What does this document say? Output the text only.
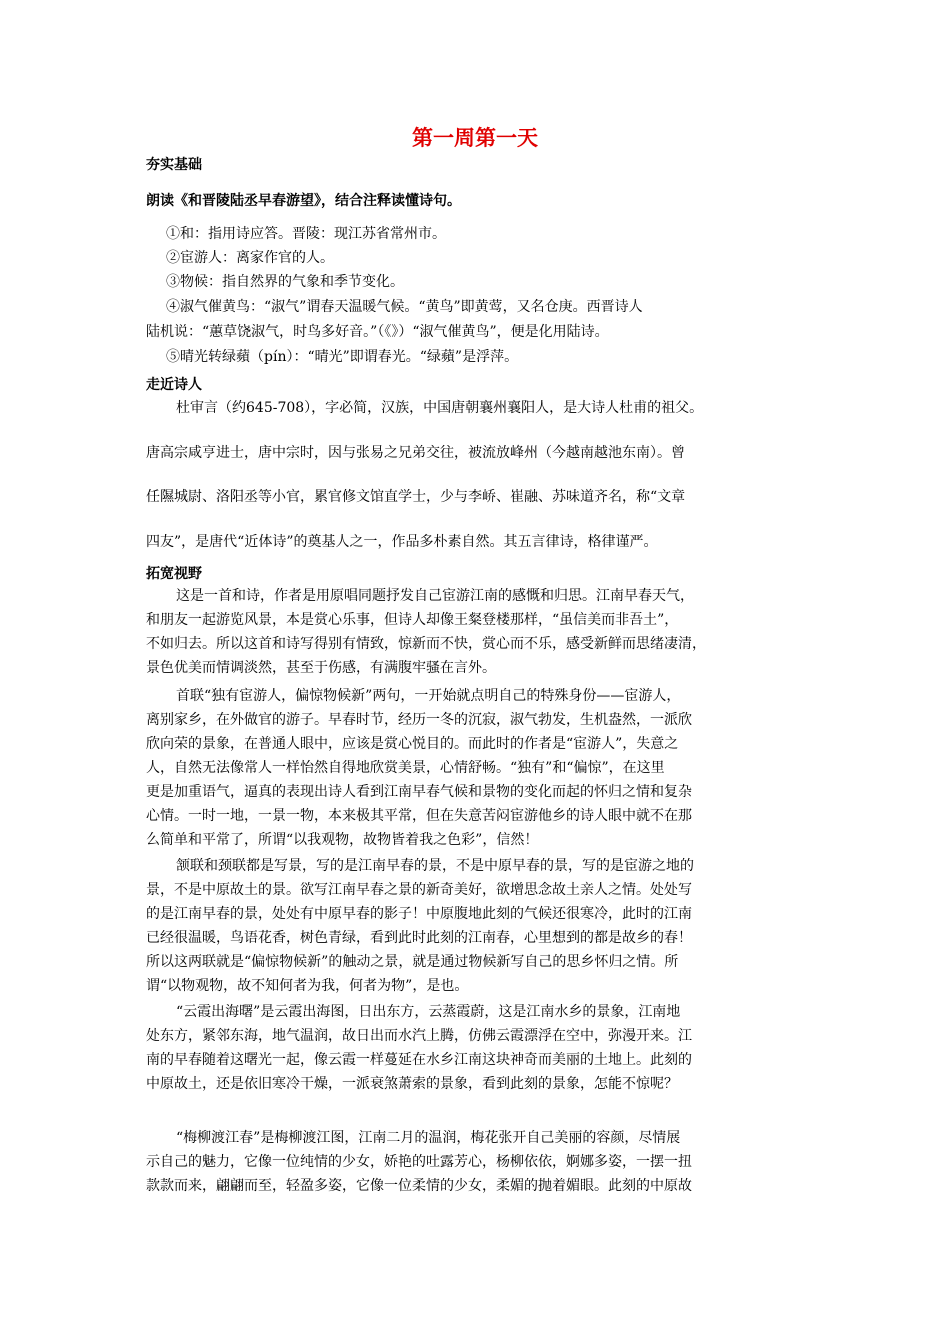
第一周第一天
夯实基础
朗读《和晋陵陆丞早春游望》，结合注释读懂诗句。
①和：指用诗应答。晋陵：现江苏省常州市。
②宦游人：离家作官的人。
③物候：指自然界的气象和季节变化。
④淑气催黄鸟：“淑气”谓春天温暖气候。“黄鸟”即黄莺，又名仓庚。西晋诗人
陆机说：“蕙草饶淑气，时鸟多好音。”（《》）“淑气催黄鸟”，便是化用陆诗。
⑤晴光转绿蘋（pín）：“晴光”即谓春光。“绿蘋”是浮萍。
走近诗人
杜审言（约645-708），字必简，汉族，中国唐朝襄州襄阳人，是大诗人杜甫的祖父。
唐高宗咸亨进士，唐中宗时，因与张易之兄弟交往，被流放峰州（今越南越池东南）。曾
任隰城尉、洛阳丞等小官，累官修文馆直学士，少与李峤、崔融、苏味道齐名，称“文章
四友”，是唐代“近体诗”的奠基人之一，作品多朴素自然。其五言律诗，格律谨严。
拓宽视野
这是一首和诗，作者是用原唱同题抒发自己宦游江南的感慨和归思。江南早春天气，
和朋友一起游览风景，本是赏心乐事，但诗人却像王粲登楼那样，“虽信美而非吾土”，
不如归去。所以这首和诗写得别有情致，惊新而不快，赏心而不乐，感受新鲜而思绪凄清，
景色优美而情调淡然，甚至于伤感，有满腹牢骚在言外。
首联“独有宦游人，偏惊物候新”两句，一开始就点明自己的特殊身份——宦游人，
离别家乡，在外做官的游子。早春时节，经历一冬的沉寂，淑气勃发，生机盎然，一派欣
欣向荣的景象，在普通人眼中，应该是赏心悦目的。而此时的作者是“宦游人”，失意之
人，自然无法像常人一样怡然自得地欣赏美景，心情舒畅。“独有”和“偏惊”，在这里
更是加重语气，逼真的表现出诗人看到江南早春气候和景物的变化而起的怀归之情和复杂
心情。一时一地，一景一物，本来极其平常，但在失意苦闷宦游他乡的诗人眼中就不在那
么简单和平常了，所谓“以我观物，故物皆着我之色彩”，信然！
颔联和颈联都是写景，写的是江南早春的景，不是中原早春的景，写的是宦游之地的
景，不是中原故土的景。欲写江南早春之景的新奇美好，欲增思念故土亲人之情。处处写
的是江南早春的景，处处有中原早春的影子！中原腹地此刻的气候还很寒冷，此时的江南
已经很温暖，鸟语花香，树色青绿，看到此时此刻的江南春，心里想到的都是故乡的春！
所以这两联就是“偏惊物候新”的触动之景，就是通过物候新写自己的思乡怀归之情。所
谓“以物观物，故不知何者为我，何者为物”，是也。
“云霞出海曙”是云霞出海图，日出东方，云蒸霞蔚，这是江南水乡的景象，江南地
处东方，紧邻东海，地气温润，故日出而水汽上腾，仿佛云霞漂浮在空中，弥漫开来。江
南的早春随着这曙光一起，像云霞一样蔓延在水乡江南这块神奇而美丽的土地上。此刻的
中原故土，还是依旧寒冷干燥，一派衰煞萧索的景象，看到此刻的景象，怎能不惊呢？
“梅柳渡江春”是梅柳渡江图，江南二月的温润，梅花张开自己美丽的容颜，尽情展
示自己的魅力，它像一位纯情的少女，娇艳的吐露芳心，杨柳依依，婀娜多姿，一摆一扭
款款而来，翩翩而至，轻盈多姿，它像一位柔情的少女，柔媚的抛着媚眼。此刻的中原故
